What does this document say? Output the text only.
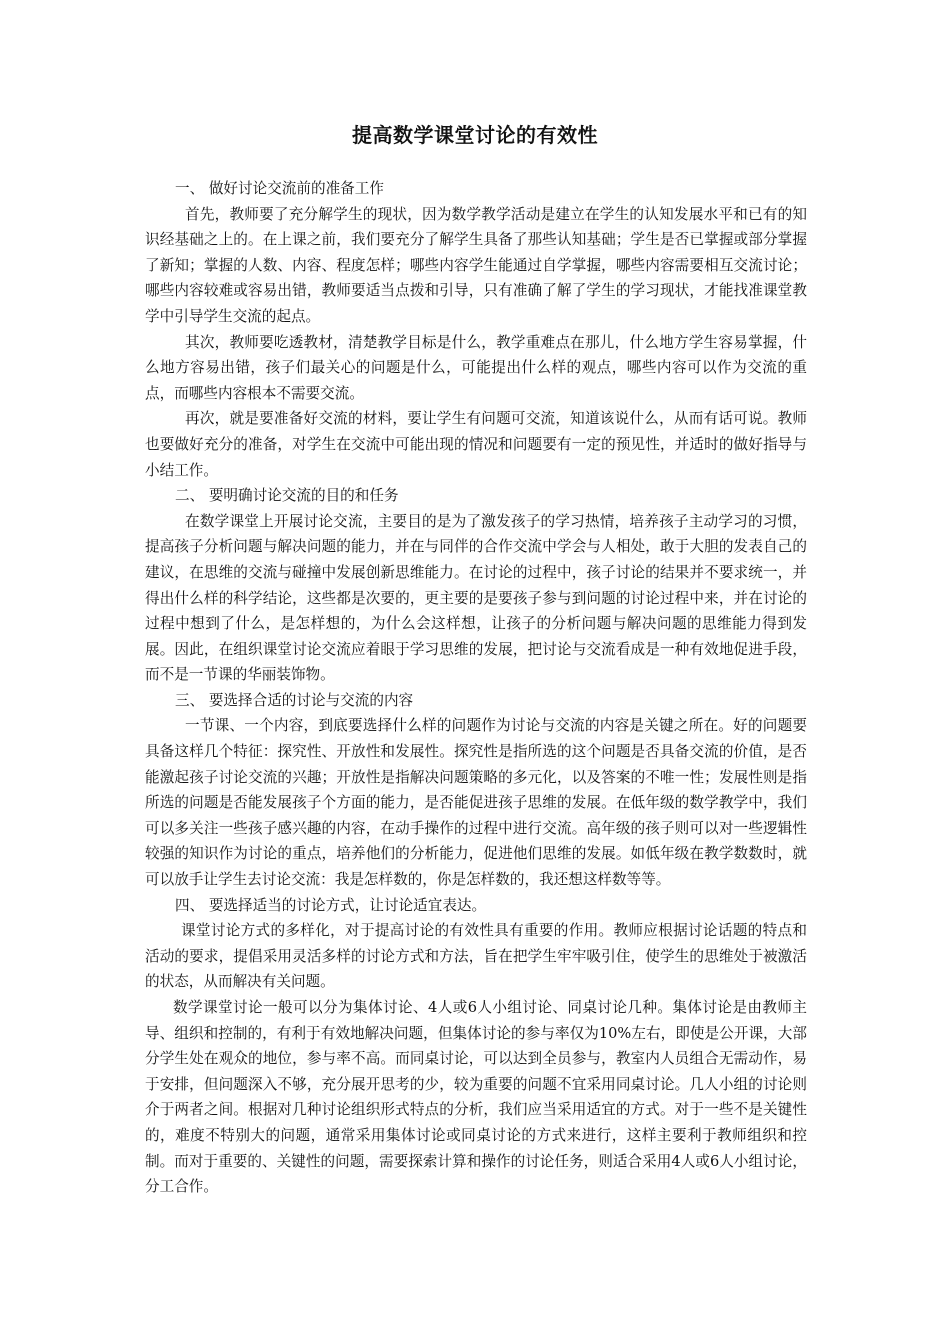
提高数学课堂讨论的有效性

一、 做好讨论交流前的准备工作

首先，教师要了充分解学生的现状，因为数学教学活动是建立在学生的认知发展水平和已有的知识经基础之上的。在上课之前，我们要充分了解学生具备了那些认知基础；学生是否已掌握或部分掌握了新知；掌握的人数、内容、程度怎样；哪些内容学生能通过自学掌握，哪些内容需要相互交流讨论；哪些内容较难或容易出错，教师要适当点拨和引导，只有准确了解了学生的学习现状，才能找准课堂教学中引导学生交流的起点。

其次，教师要吃透教材，清楚教学目标是什么，教学重难点在那儿，什么地方学生容易掌握，什么地方容易出错，孩子们最关心的问题是什么，可能提出什么样的观点，哪些内容可以作为交流的重点，而哪些内容根本不需要交流。

再次，就是要准备好交流的材料，要让学生有问题可交流，知道该说什么，从而有话可说。教师也要做好充分的准备，对学生在交流中可能出现的情况和问题要有一定的预见性，并适时的做好指导与小结工作。

二、 要明确讨论交流的目的和任务

在数学课堂上开展讨论交流，主要目的是为了激发孩子的学习热情，培养孩子主动学习的习惯，提高孩子分析问题与解决问题的能力，并在与同伴的合作交流中学会与人相处，敢于大胆的发表自己的建议，在思维的交流与碰撞中发展创新思维能力。在讨论的过程中，孩子讨论的结果并不要求统一，并得出什么样的科学结论，这些都是次要的，更主要的是要孩子参与到问题的讨论过程中来，并在讨论的过程中想到了什么，是怎样想的，为什么会这样想，让孩子的分析问题与解决问题的思维能力得到发展。因此，在组织课堂讨论交流应着眼于学习思维的发展，把讨论与交流看成是一种有效地促进手段，而不是一节课的华丽装饰物。

三、 要选择合适的讨论与交流的内容

一节课、一个内容，到底要选择什么样的问题作为讨论与交流的内容是关键之所在。好的问题要具备这样几个特征：探究性、开放性和发展性。探究性是指所选的这个问题是否具备交流的价值，是否能激起孩子讨论交流的兴趣；开放性是指解决问题策略的多元化，以及答案的不唯一性；发展性则是指所选的问题是否能发展孩子个方面的能力，是否能促进孩子思维的发展。在低年级的数学教学中，我们可以多关注一些孩子感兴趣的内容，在动手操作的过程中进行交流。高年级的孩子则可以对一些逻辑性较强的知识作为讨论的重点，培养他们的分析能力，促进他们思维的发展。如低年级在教学数数时，就可以放手让学生去讨论交流：我是怎样数的，你是怎样数的，我还想这样数等等。

四、 要选择适当的讨论方式，让讨论适宜表达。

课堂讨论方式的多样化，对于提高讨论的有效性具有重要的作用。教师应根据讨论话题的特点和活动的要求，提倡采用灵活多样的讨论方式和方法，旨在把学生牢牢吸引住，使学生的思维处于被激活的状态，从而解决有关问题。

数学课堂讨论一般可以分为集体讨论、4人或6人小组讨论、同桌讨论几种。集体讨论是由教师主导、组织和控制的，有利于有效地解决问题，但集体讨论的参与率仅为10%左右，即使是公开课，大部分学生处在观众的地位，参与率不高。而同桌讨论，可以达到全员参与，教室内人员组合无需动作，易于安排，但问题深入不够，充分展开思考的少，较为重要的问题不宜采用同桌讨论。几人小组的讨论则介于两者之间。根据对几种讨论组织形式特点的分析，我们应当采用适宜的方式。对于一些不是关键性的，难度不特别大的问题，通常采用集体讨论或同桌讨论的方式来进行，这样主要利于教师组织和控制。而对于重要的、关键性的问题，需要探索计算和操作的讨论任务，则适合采用4人或6人小组讨论，分工合作。
